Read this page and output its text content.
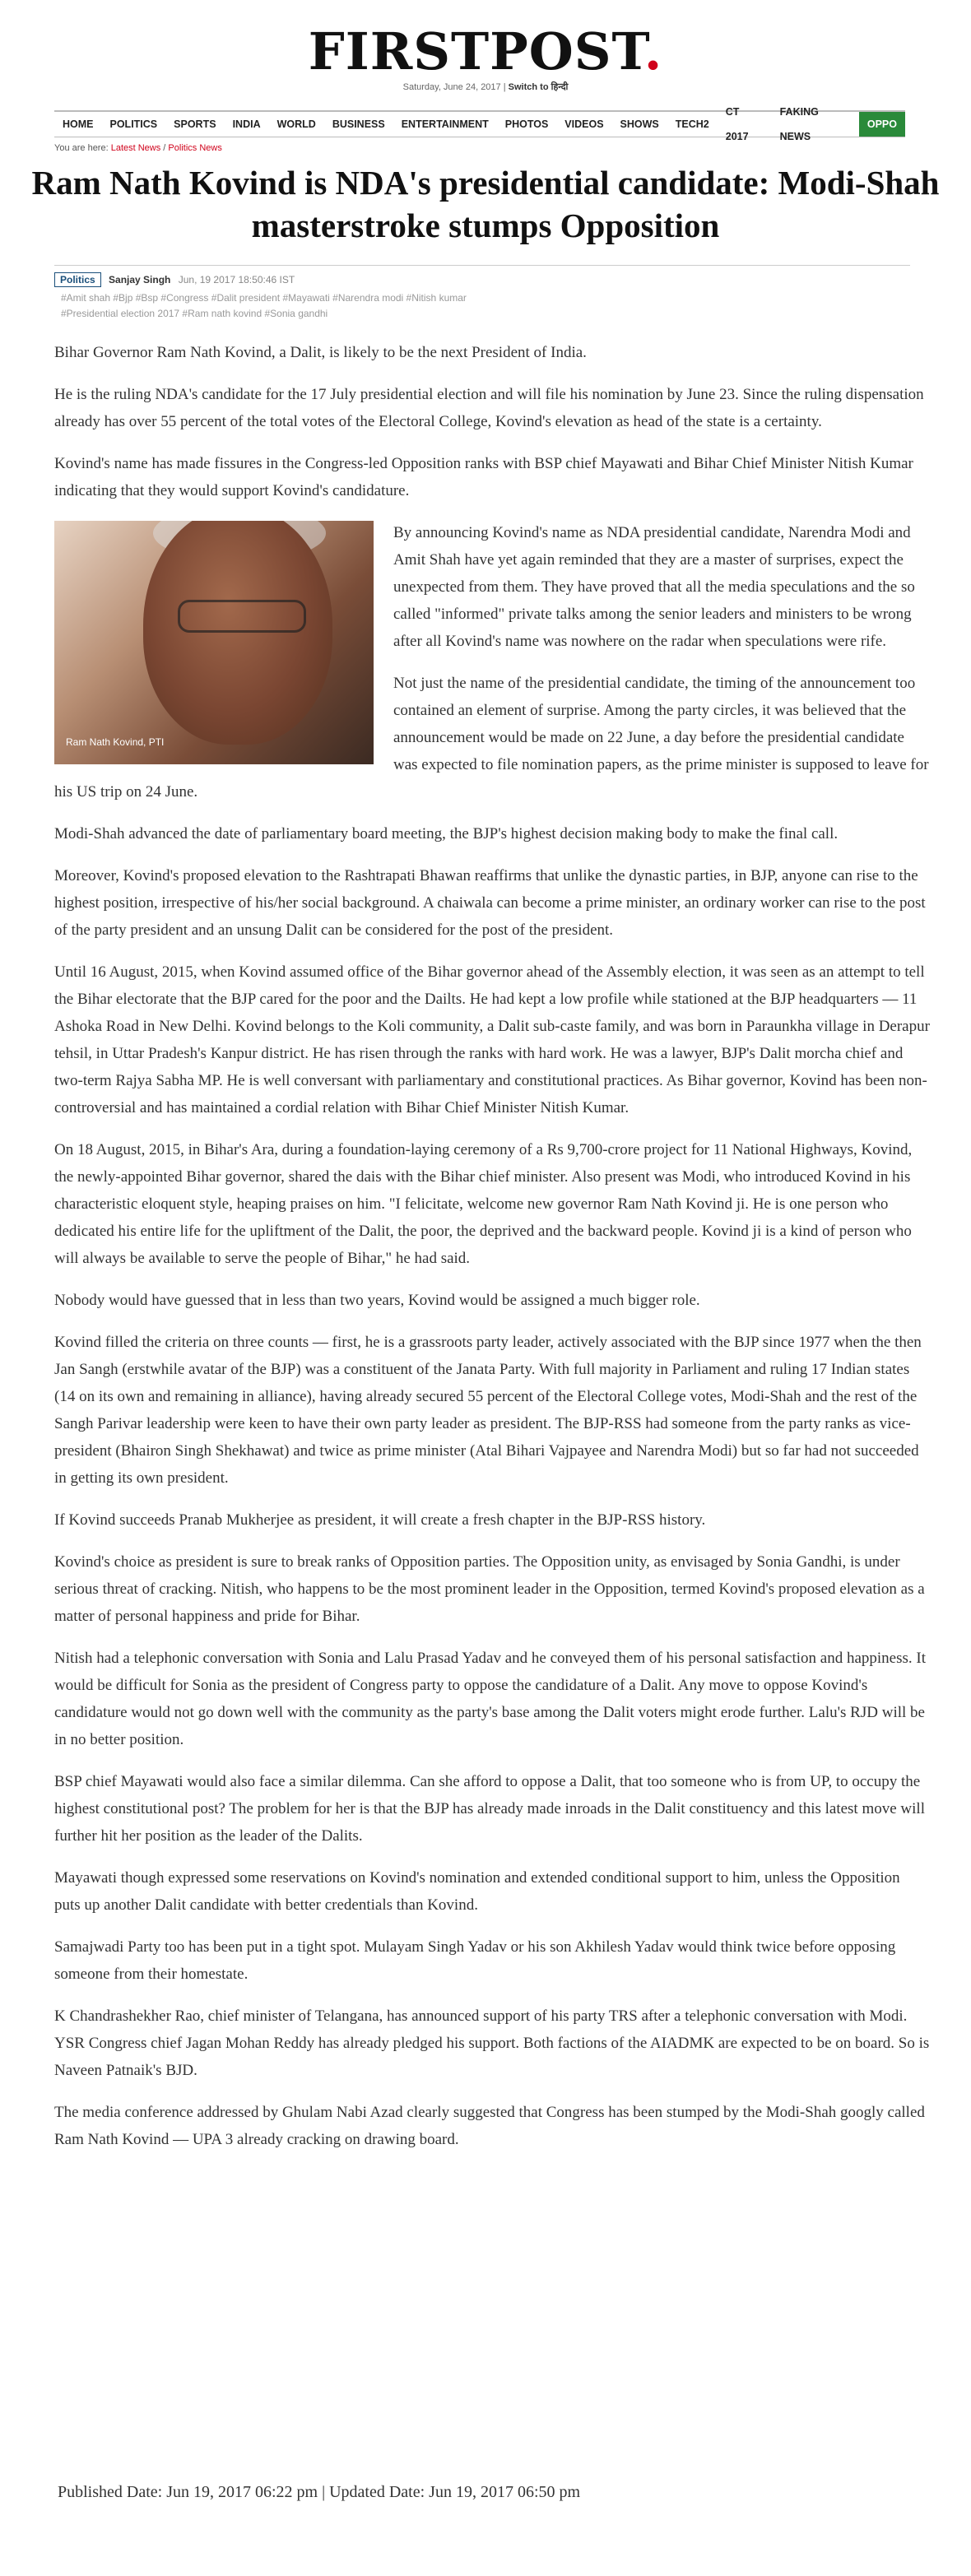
FIRSTPOST.
Saturday, June 24, 2017 | Switch to हिन्दी
HOME	POLITICS	SPORTS	INDIA	WORLD	BUSINESS	ENTERTAINMENT	PHOTOS	VIDEOS	SHOWS	TECH2
CT 2017
FAKING NEWS
OPPO
You are here: Latest News / Politics News
Ram Nath Kovind is NDA's presidential candidate: Modi-Shah masterstroke stumps Opposition
Politics Sanjay Singh Jun, 19 2017 18:50:46 IST
#Amit shah #Bjp #Bsp #Congress #Dalit president #Mayawati #Narendra modi #Nitish kumar #Presidential election 2017 #Ram nath kovind #Sonia gandhi

Bihar Governor Ram Nath Kovind, a Dalit, is likely to be the next President of India.

He is the ruling NDA's candidate for the 17 July presidential election and will file his nomination by June 23. Since the ruling dispensation already has over 55 percent of the total votes of the Electoral College, Kovind's elevation as head of the state is a certainty.

Kovind's name has made fissures in the Congress-led Opposition ranks with BSP chief Mayawati and Bihar Chief Minister Nitish Kumar indicating that they would support Kovind's candidature.

Ram Nath Kovind, PTI

By announcing Kovind's name as NDA presidential candidate, Narendra Modi and Amit Shah have yet again reminded that they are a master of surprises, expect the unexpected from them. They have proved that all the media speculations and the so called "informed" private talks among the senior leaders and ministers to be wrong after all Kovind's name was nowhere on the radar when speculations were rife.

Not just the name of the presidential candidate, the timing of the announcement too contained an element of surprise. Among the party circles, it was believed that the announcement would be made on 22 June, a day before the presidential candidate was expected to file nomination papers, as the prime minister is supposed to leave for his US trip on 24 June.

Modi-Shah advanced the date of parliamentary board meeting, the BJP's highest decision making body to make the final call.

Moreover, Kovind's proposed elevation to the Rashtrapati Bhawan reaffirms that unlike the dynastic parties, in BJP, anyone can rise to the highest position, irrespective of his/her social background. A chaiwala can become a prime minister, an ordinary worker can rise to the post of the party president and an unsung Dalit can be considered for the post of the president.

Until 16 August, 2015, when Kovind assumed office of the Bihar governor ahead of the Assembly election, it was seen as an attempt to tell the Bihar electorate that the BJP cared for the poor and the Dailts. He had kept a low profile while stationed at the BJP headquarters — 11 Ashoka Road in New Delhi. Kovind belongs to the Koli community, a Dalit sub-caste family, and was born in Paraunkha village in Derapur tehsil, in Uttar Pradesh's Kanpur district. He has risen through the ranks with hard work. He was a lawyer, BJP's Dalit morcha chief and two-term Rajya Sabha MP. He is well conversant with parliamentary and constitutional practices. As Bihar governor, Kovind has been non-controversial and has maintained a cordial relation with Bihar Chief Minister Nitish Kumar.

On 18 August, 2015, in Bihar's Ara, during a foundation-laying ceremony of a Rs 9,700-crore project for 11 National Highways, Kovind, the newly-appointed Bihar governor, shared the dais with the Bihar chief minister. Also present was Modi, who introduced Kovind in his characteristic eloquent style, heaping praises on him. "I felicitate, welcome new governor Ram Nath Kovind ji. He is one person who dedicated his entire life for the upliftment of the Dalit, the poor, the deprived and the backward people. Kovind ji is a kind of person who will always be available to serve the people of Bihar," he had said.

Nobody would have guessed that in less than two years, Kovind would be assigned a much bigger role.

Kovind filled the criteria on three counts — first, he is a grassroots party leader, actively associated with the BJP since 1977 when the then Jan Sangh (erstwhile avatar of the BJP) was a constituent of the Janata Party. With full majority in Parliament and ruling 17 Indian states (14 on its own and remaining in alliance), having already secured 55 percent of the Electoral College votes, Modi-Shah and the rest of the Sangh Parivar leadership were keen to have their own party leader as president. The BJP-RSS had someone from the party ranks as vice-president (Bhairon Singh Shekhawat) and twice as prime minister (Atal Bihari Vajpayee and Narendra Modi) but so far had not succeeded in getting its own president.

If Kovind succeeds Pranab Mukherjee as president, it will create a fresh chapter in the BJP-RSS history.

Kovind's choice as president is sure to break ranks of Opposition parties. The Opposition unity, as envisaged by Sonia Gandhi, is under serious threat of cracking. Nitish, who happens to be the most prominent leader in the Opposition, termed Kovind's proposed elevation as a matter of personal happiness and pride for Bihar.

Nitish had a telephonic conversation with Sonia and Lalu Prasad Yadav and he conveyed them of his personal satisfaction and happiness. It would be difficult for Sonia as the president of Congress party to oppose the candidature of a Dalit. Any move to oppose Kovind's candidature would not go down well with the community as the party's base among the Dalit voters might erode further. Lalu's RJD will be in no better position.

BSP chief Mayawati would also face a similar dilemma. Can she afford to oppose a Dalit, that too someone who is from UP, to occupy the highest constitutional post? The problem for her is that the BJP has already made inroads in the Dalit constituency and this latest move will further hit her position as the leader of the Dalits.

Mayawati though expressed some reservations on Kovind's nomination and extended conditional support to him, unless the Opposition puts up another Dalit candidate with better credentials than Kovind.

Samajwadi Party too has been put in a tight spot. Mulayam Singh Yadav or his son Akhilesh Yadav would think twice before opposing someone from their homestate.

K Chandrashekher Rao, chief minister of Telangana, has announced support of his party TRS after a telephonic conversation with Modi. YSR Congress chief Jagan Mohan Reddy has already pledged his support. Both factions of the AIADMK are expected to be on board. So is Naveen Patnaik's BJD.

The media conference addressed by Ghulam Nabi Azad clearly suggested that Congress has been stumped by the Modi-Shah googly called Ram Nath Kovind — UPA 3 already cracking on drawing board.

Published Date: Jun 19, 2017 06:22 pm | Updated Date: Jun 19, 2017 06:50 pm
